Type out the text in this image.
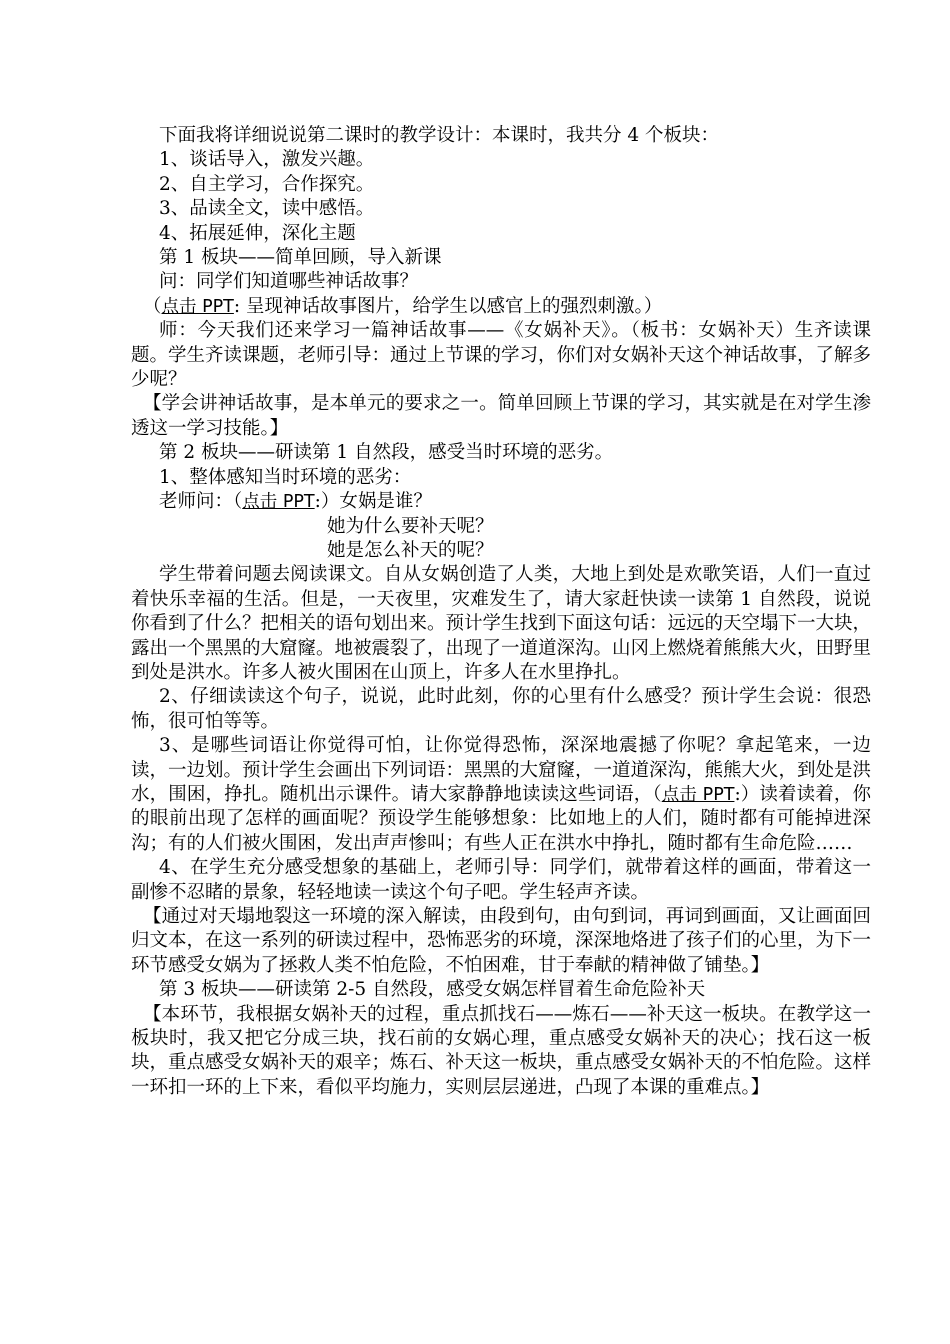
下面我将详细说说第二课时的教学设计：本课时，我共分 4 个板块：

1、谈话导入，激发兴趣。

2、自主学习，合作探究。

3、品读全文，读中感悟。

4、拓展延伸，深化主题

第 1 板块——简单回顾，导入新课

问：同学们知道哪些神话故事？

（点击 PPT: 呈现神话故事图片，给学生以感官上的强烈刺激。）

师：今天我们还来学习一篇神话故事——《女娲补天》。（板书：女娲补天）生齐读课题。学生齐读课题，老师引导：通过上节课的学习，你们对女娲补天这个神话故事，了解多少呢？

【学会讲神话故事，是本单元的要求之一。简单回顾上节课的学习，其实就是在对学生渗透这一学习技能。】

第 2 板块——研读第 1 自然段，感受当时环境的恶劣。

1、整体感知当时环境的恶劣：

老师问：（点击 PPT:）女娲是谁？

她为什么要补天呢？

她是怎么补天的呢？

学生带着问题去阅读课文。自从女娲创造了人类，大地上到处是欢歌笑语，人们一直过着快乐幸福的生活。但是，一天夜里，灾难发生了，请大家赶快读一读第 1 自然段，说说你看到了什么？把相关的语句划出来。预计学生找到下面这句话：远远的天空塌下一大块，露出一个黑黑的大窟窿。地被震裂了，出现了一道道深沟。山冈上燃烧着熊熊大火，田野里到处是洪水。许多人被火围困在山顶上，许多人在水里挣扎。

2、仔细读读这个句子，说说，此时此刻，你的心里有什么感受？预计学生会说：很恐怖，很可怕等等。

3、是哪些词语让你觉得可怕，让你觉得恐怖，深深地震撼了你呢？拿起笔来，一边读，一边划。预计学生会画出下列词语：黑黑的大窟窿，一道道深沟，熊熊大火，到处是洪水，围困，挣扎。随机出示课件。请大家静静地读读这些词语，（点击 PPT:）读着读着，你的眼前出现了怎样的画面呢？预设学生能够想象：比如地上的人们，随时都有可能掉进深沟；有的人们被火围困，发出声声惨叫；有些人正在洪水中挣扎，随时都有生命危险……

4、在学生充分感受想象的基础上，老师引导：同学们，就带着这样的画面，带着这一副惨不忍睹的景象，轻轻地读一读这个句子吧。学生轻声齐读。

【通过对天塌地裂这一环境的深入解读，由段到句，由句到词，再词到画面，又让画面回归文本，在这一系列的研读过程中，恐怖恶劣的环境，深深地烙进了孩子们的心里，为下一环节感受女娲为了拯救人类不怕危险，不怕困难，甘于奉献的精神做了铺垫。】

第 3 板块——研读第 2-5 自然段，感受女娲怎样冒着生命危险补天

【本环节，我根据女娲补天的过程，重点抓找石——炼石——补天这一板块。在教学这一板块时，我又把它分成三块，找石前的女娲心理，重点感受女娲补天的决心；找石这一板块，重点感受女娲补天的艰辛；炼石、补天这一板块，重点感受女娲补天的不怕危险。这样一环扣一环的上下来，看似平均施力，实则层层递进，凸现了本课的重难点。】
